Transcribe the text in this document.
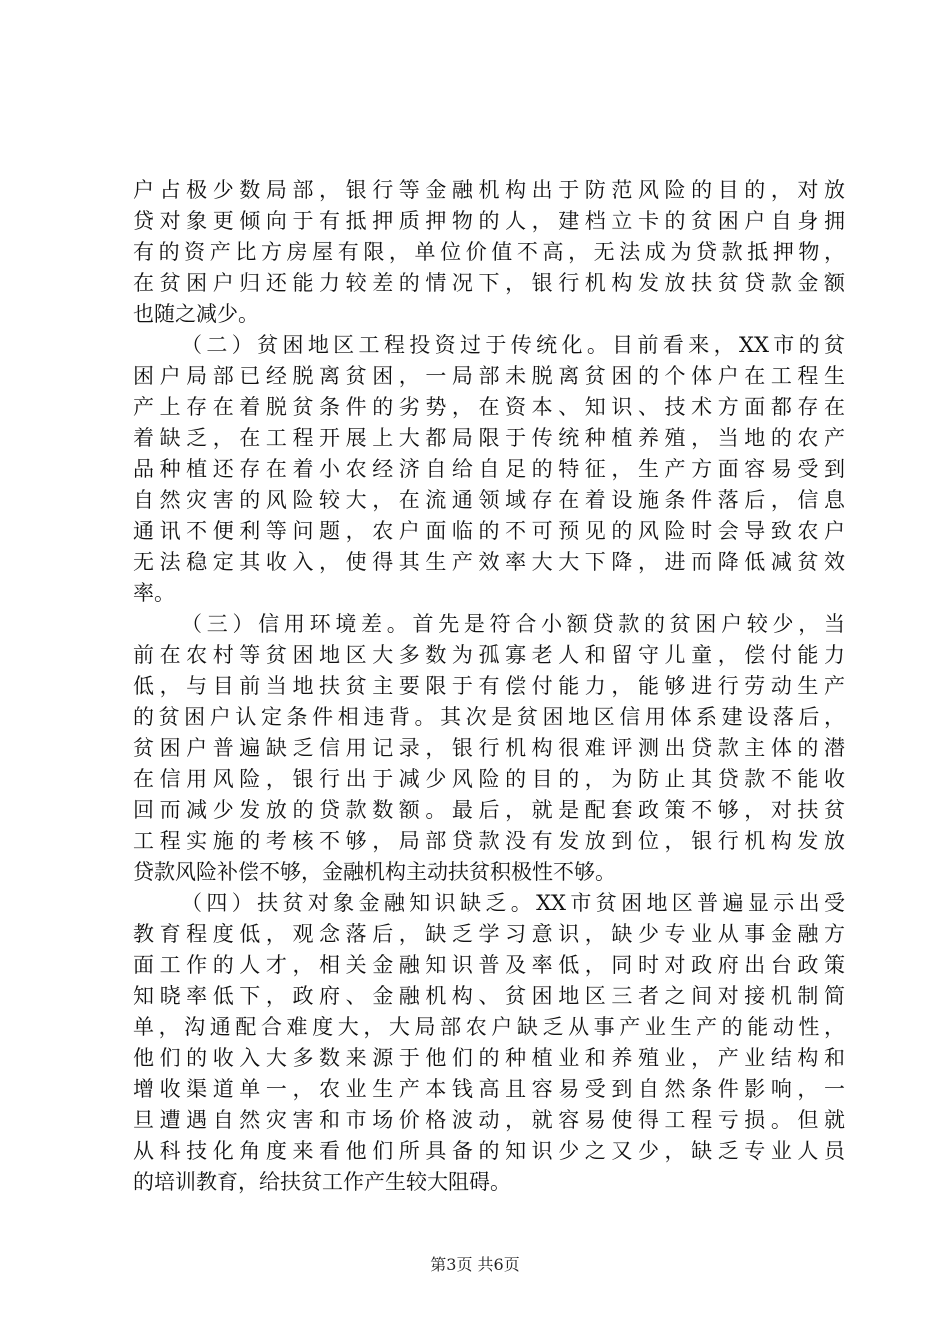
户占极少数局部，银行等金融机构出于防范风险的目的，对放
贷对象更倾向于有抵押质押物的人，建档立卡的贫困户自身拥
有的资产比方房屋有限，单位价值不高，无法成为贷款抵押物，
在贫困户归还能力较差的情况下，银行机构发放扶贫贷款金额
也随之减少。
（二）贫困地区工程投资过于传统化。目前看来，XX市的贫
困户局部已经脱离贫困，一局部未脱离贫困的个体户在工程生
产上存在着脱贫条件的劣势，在资本、知识、技术方面都存在
着缺乏，在工程开展上大都局限于传统种植养殖，当地的农产
品种植还存在着小农经济自给自足的特征，生产方面容易受到
自然灾害的风险较大，在流通领域存在着设施条件落后，信息
通讯不便利等问题，农户面临的不可预见的风险时会导致农户
无法稳定其收入，使得其生产效率大大下降，进而降低减贫效
率。
（三）信用环境差。首先是符合小额贷款的贫困户较少，当
前在农村等贫困地区大多数为孤寡老人和留守儿童，偿付能力
低，与目前当地扶贫主要限于有偿付能力，能够进行劳动生产
的贫困户认定条件相违背。其次是贫困地区信用体系建设落后，
贫困户普遍缺乏信用记录，银行机构很难评测出贷款主体的潜
在信用风险，银行出于减少风险的目的，为防止其贷款不能收
回而减少发放的贷款数额。最后，就是配套政策不够，对扶贫
工程实施的考核不够，局部贷款没有发放到位，银行机构发放
贷款风险补偿不够，金融机构主动扶贫积极性不够。
（四）扶贫对象金融知识缺乏。XX市贫困地区普遍显示出受
教育程度低，观念落后，缺乏学习意识，缺少专业从事金融方
面工作的人才，相关金融知识普及率低，同时对政府出台政策
知晓率低下，政府、金融机构、贫困地区三者之间对接机制简
单，沟通配合难度大，大局部农户缺乏从事产业生产的能动性，
他们的收入大多数来源于他们的种植业和养殖业，产业结构和
增收渠道单一，农业生产本钱高且容易受到自然条件影响，一
旦遭遇自然灾害和市场价格波动，就容易使得工程亏损。但就
从科技化角度来看他们所具备的知识少之又少，缺乏专业人员
的培训教育，给扶贫工作产生较大阻碍。
第3页 共6页
